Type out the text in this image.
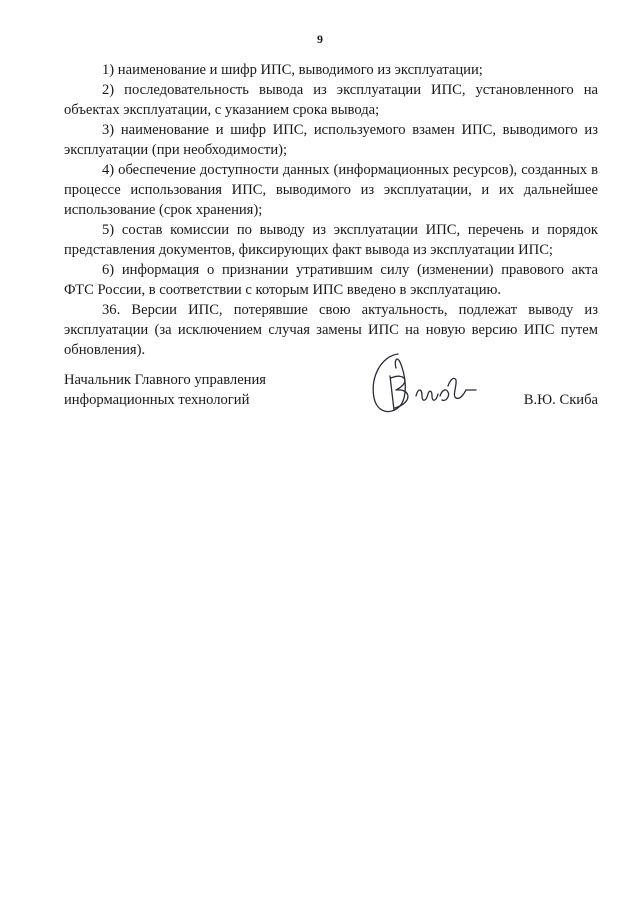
9

1) наименование и шифр ИПС, выводимого из эксплуатации;

2) последовательность вывода из эксплуатации ИПС, установленного на объектах эксплуатации, с указанием срока вывода;

3) наименование и шифр ИПС, используемого взамен ИПС, выводимого из эксплуатации (при необходимости);

4) обеспечение доступности данных (информационных ресурсов), созданных в процессе использования ИПС, выводимого из эксплуатации, и их дальнейшее использование (срок хранения);

5) состав комиссии по выводу из эксплуатации ИПС, перечень и порядок представления документов, фиксирующих факт вывода из эксплуатации ИПС;

6) информация о признании утратившим силу (изменении) правового акта ФТС России, в соответствии с которым ИПС введено в эксплуатацию.

36. Версии ИПС, потерявшие свою актуальность, подлежат выводу из эксплуатации (за исключением случая замены ИПС на новую версию ИПС путем обновления).

Начальник Главного управления
информационных технологий	В.Ю. Скиба
